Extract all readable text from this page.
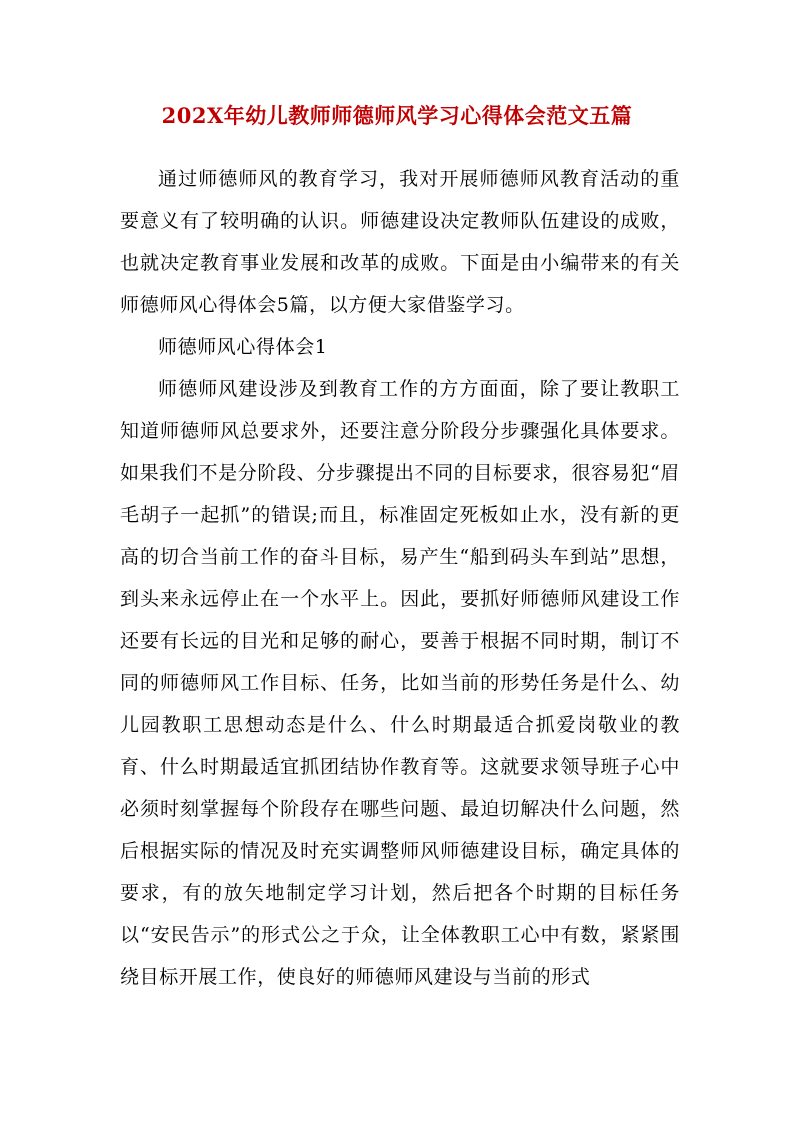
202X年幼儿教师师德师风学习心得体会范文五篇

通过师德师风的教育学习，我对开展师德师风教育活动的重要意义有了较明确的认识。师德建设决定教师队伍建设的成败，也就决定教育事业发展和改革的成败。下面是由小编带来的有关师德师风心得体会5篇，以方便大家借鉴学习。

师德师风心得体会1

师德师风建设涉及到教育工作的方方面面，除了要让教职工知道师德师风总要求外，还要注意分阶段分步骤强化具体要求。如果我们不是分阶段、分步骤提出不同的目标要求，很容易犯“眉毛胡子一起抓”的错误;而且，标准固定死板如止水，没有新的更高的切合当前工作的奋斗目标，易产生“船到码头车到站”思想，到头来永远停止在一个水平上。因此，要抓好师德师风建设工作还要有长远的目光和足够的耐心，要善于根据不同时期，制订不同的师德师风工作目标、任务，比如当前的形势任务是什么、幼儿园教职工思想动态是什么、什么时期最适合抓爱岗敬业的教育、什么时期最适宜抓团结协作教育等。这就要求领导班子心中必须时刻掌握每个阶段存在哪些问题、最迫切解决什么问题，然后根据实际的情况及时充实调整师风师德建设目标，确定具体的要求，有的放矢地制定学习计划，然后把各个时期的目标任务以“安民告示”的形式公之于众，让全体教职工心中有数，紧紧围绕目标开展工作，使良好的师德师风建设与当前的形式
